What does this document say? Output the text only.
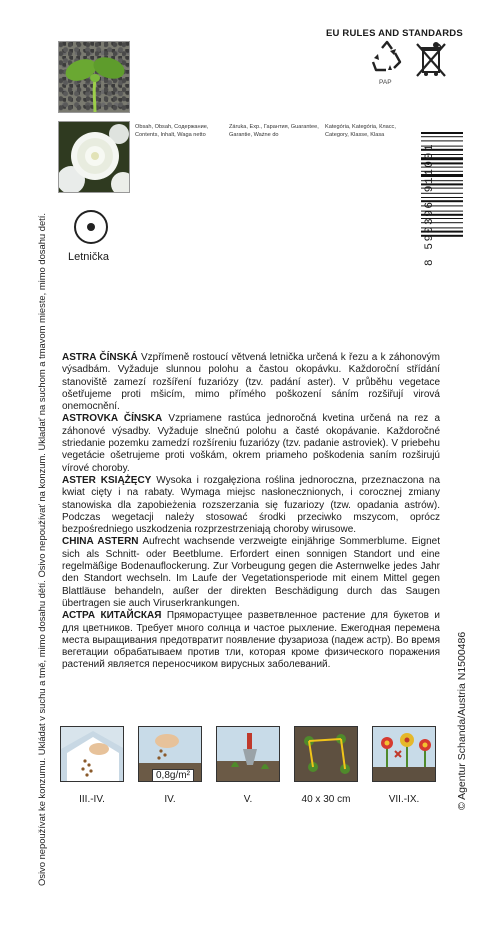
Osivo nepoužívat ke konzumu. Ukládat v suchu a tmě, mimo dosahu dětí. Osivo nepoužívať na konzum. Ukladať na suchom a tmavom mieste, mimo dosahu detí.	© Agentur Schanda/Austria N1500486
Letnička
Obsah, Obsah, Содержание, Contents, Inhalt, Waga netto
Záruka, Exp., Гарантия, Guarantee, Garantie, Ważne do
Kategória, Kategória, Класс, Category, Klasse, Klasa
EU RULES AND STANDARDS
PAP
8 590396 911001

ASTRA ČÍNSKÁ Vzpřímeně rostoucí větvená letnička určená k řezu a k záhonovým výsadbám. Vyžaduje slunnou polohu a častou okopávku. Každoroční střídání stanoviště zamezí rozšíření fuzariózy (tzv. padání aster). V průběhu vegetace ošetřujeme proti mšicím, mimo přímého poškození sáním rozšiřují virová onemocnění.

ASTROVKA ČÍNSKA Vzpriamene rastúca jednoročná kvetina určená na rez a záhonové výsadby. Vyžaduje slnečnú polohu a časté okopávanie. Každoročné striedanie pozemku zamedzí rozšíreniu fuzariózy (tzv. padanie astroviek). V priebehu vegetácie ošetrujeme proti voškám, okrem priameho poškodenia saním rozširujú vírové choroby.

ASTER KSIĄŻĘCY Wysoka i rozgałęziona roślina jednoroczna, przeznaczona na kwiat cięty i na rabaty. Wymaga miejsc nasłonecznionych, i corocznej zmiany stanowiska dla zapobieżenia rozszerzania się fuzariozy (tzw. opadania astrów). Podczas wegetacji należy stosować środki przeciwko mszycom, oprócz bezpośredniego uszkodzenia rozprzestrzeniają choroby wirusowe.

CHINA ASTERN Aufrecht wachsende verzweigte einjährige Sommerblume. Eignet sich als Schnitt- oder Beetblume. Erfordert einen sonnigen Standort und eine regelmäßige Bodenauflockerung. Zur Vorbeugung gegen die Asternwelke jedes Jahr den Standort wechseln. Im Laufe der Vegetationsperiode mit einem Mittel gegen Blattläuse behandeln, außer der direkten Beschädigung durch das Saugen übertragen sie auch Viruserkrankungen.

АСТРА КИТАЙСКАЯ Пряморастущее разветвленное растение для букетов и для цветников. Требует много солнца и частое рыхление. Ежегодная перемена места выращивания предотвратит появление фузариоза (падеж астр). Во время вегетации обрабатываем против тли, которая кроме физического поражения растений является переносчиком вирусных заболеваний.

III.-IV.
0,8g/m²
IV.	V.	40 x 30 cm	VII.-IX.
